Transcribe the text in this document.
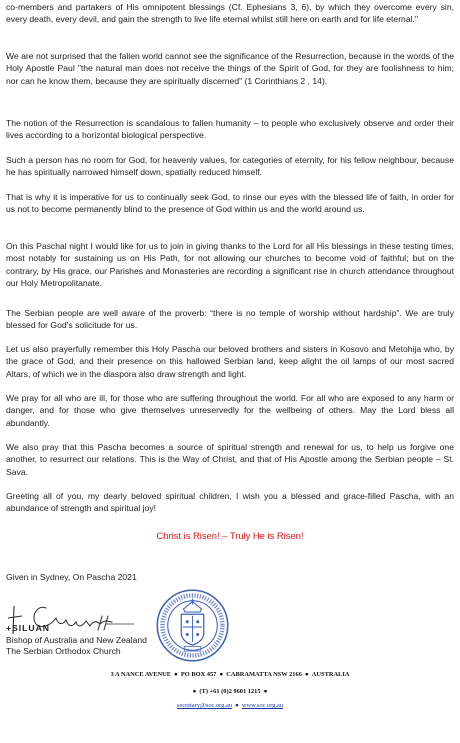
co-members and partakers of His omnipotent blessings (Cf. Ephesians 3, 6), by which they overcome every sin, every death, every devil, and gain the strength to live life eternal whilst still here on earth and for life eternal."

We are not surprised that the fallen world cannot see the significance of the Resurrection, because in the words of the Holy Apostle Paul "the natural man does not receive the things of the Spirit of God, for they are foolishness to him; nor can he know them, because they are spiritually discerned" (1 Corinthians 2 , 14).

The notion of the Resurrection is scandalous to fallen humanity – to people who exclusively observe and order their lives according to a horizontal biological perspective.

Such a person has no room for God, for heavenly values, for categories of eternity, for his fellow neighbour, because he has spiritually narrowed himself down, spatially reduced himself.

That is why it is imperative for us to continually seek God, to rinse our eyes with the blessed life of faith, in order for us not to become permanently blind to the presence of God within us and the world around us.

On this Paschal night I would like for us to join in giving thanks to the Lord for all His blessings in these testing times, most notably for sustaining us on His Path, for not allowing our churches to become void of faithful; but on the contrary, by His grace, our Parishes and Monasteries are recording a significant rise in church attendance throughout our Holy Metropolitanate.

The Serbian people are well aware of the proverb: “there is no temple of worship without hardship”. We are truly blessed for God’s solicitude for us.

Let us also prayerfully remember this Holy Pascha our beloved brothers and sisters in Kosovo and Metohija who, by the grace of God, and their presence on this hallowed Serbian land, keep alight the oil lamps of our most sacred Altars, of which we in the diaspora also draw strength and light.

We pray for all who are ill, for those who are suffering throughout the world. For all who are exposed to any harm or danger, and for those who give themselves unreservedly for the wellbeing of others. May the Lord bless all abundantly.

We also pray that this Pascha becomes a source of spiritual strength and renewal for us, to help us forgive one another, to resurrect our relations. This is the Way of Christ, and that of His Apostle among the Serbian people – St. Sava.

Greeting all of you, my dearly beloved spiritual children, I wish you a blessed and grace-filled Pascha, with an abundance of strength and spiritual joy!

Christ is Risen! – Truly He is Risen!

Given in Sydney, On Pascha 2021

+SILUAN
Bishop of Australia and New Zealand
The Serbian Orthodox Church
3 A NANCE AVENUE ● PO BOX 457 ● CABRAMATTA NSW 2166 ● AUSTRALIA
● (T) +61 (0)2 9601 1215 ●
secretary@soc.org.au ● www.soc.org.au
